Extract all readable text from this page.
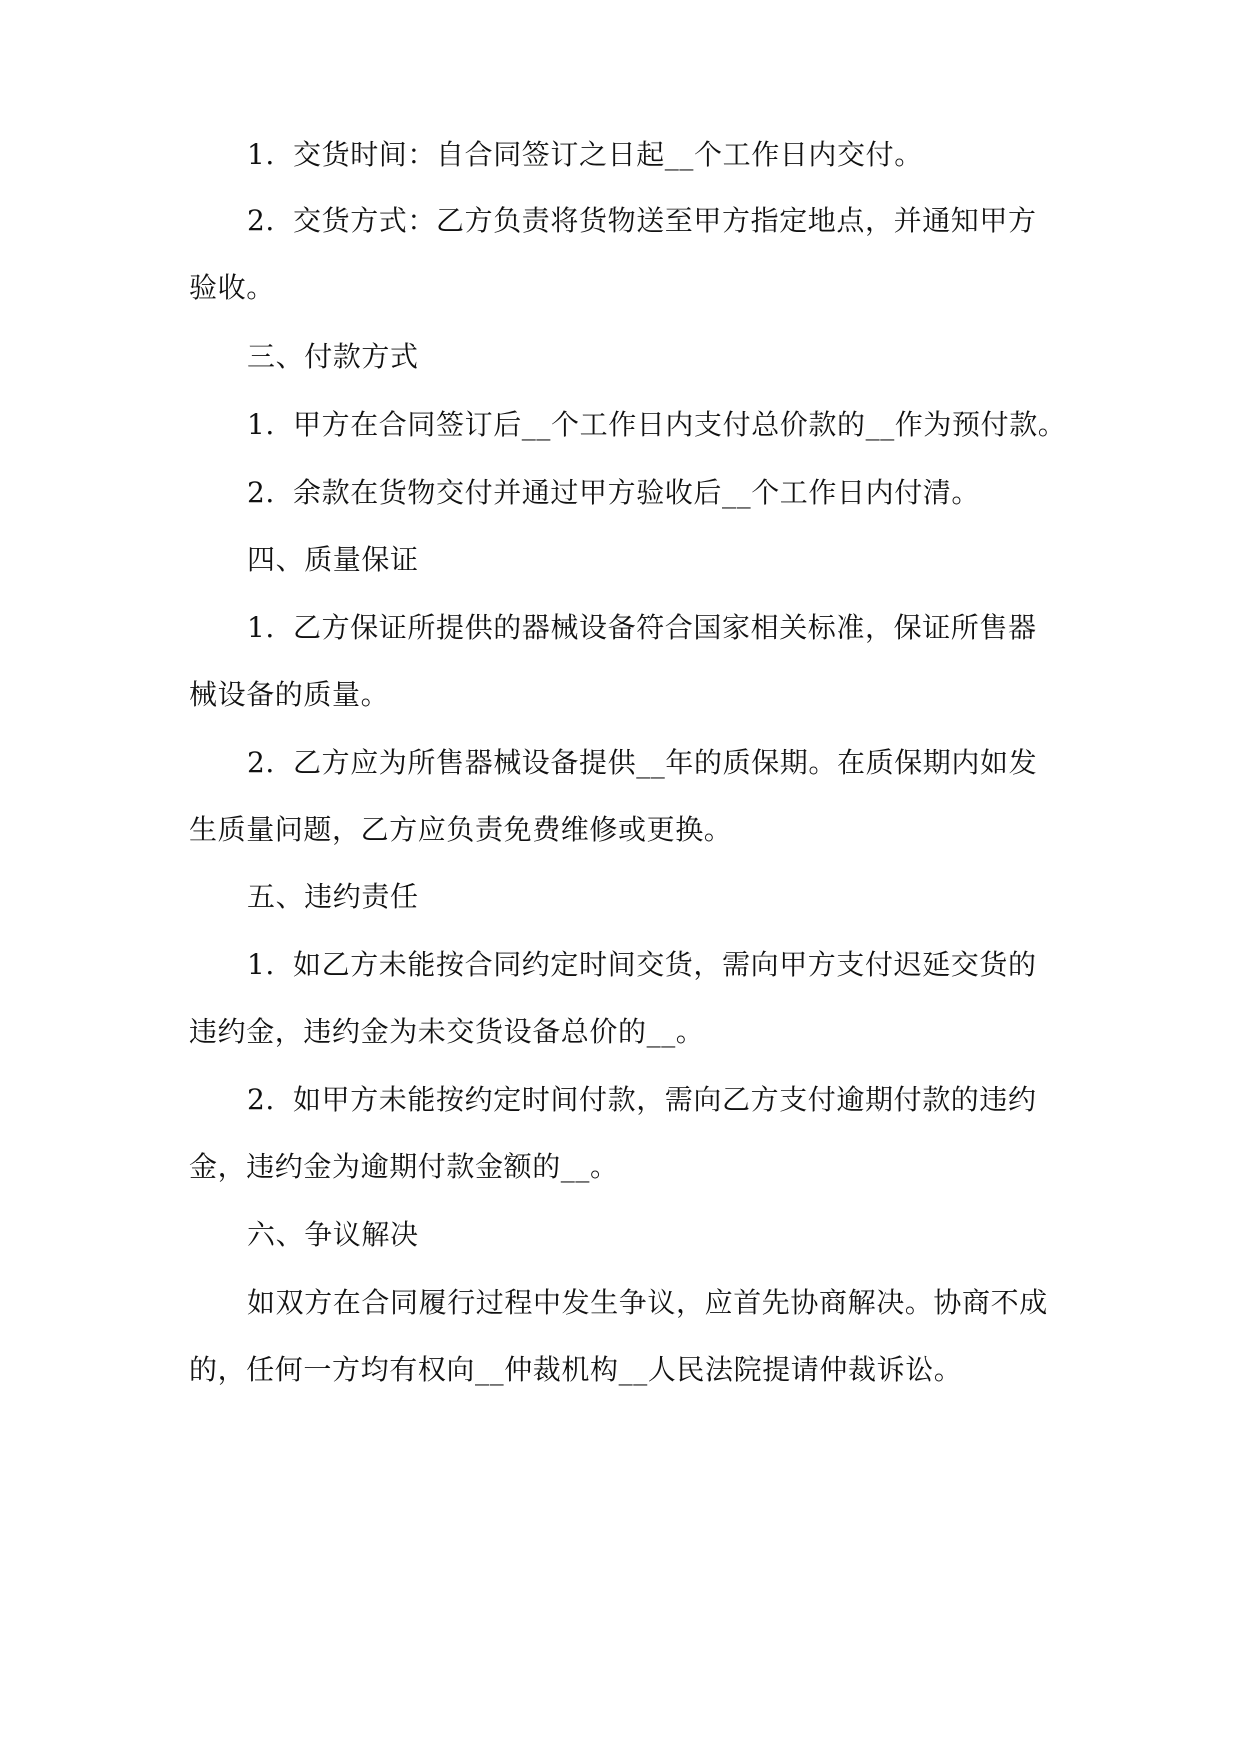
1. 交货时间：自合同签订之日起__个工作日内交付。
2. 交货方式：乙方负责将货物送至甲方指定地点，并通知甲方
验收。
三、付款方式
1. 甲方在合同签订后__个工作日内支付总价款的__作为预付款。
2. 余款在货物交付并通过甲方验收后__个工作日内付清。
四、质量保证
1. 乙方保证所提供的器械设备符合国家相关标准，保证所售器
械设备的质量。
2. 乙方应为所售器械设备提供__年的质保期。在质保期内如发
生质量问题，乙方应负责免费维修或更换。
五、违约责任
1. 如乙方未能按合同约定时间交货，需向甲方支付迟延交货的
违约金，违约金为未交货设备总价的__。
2. 如甲方未能按约定时间付款，需向乙方支付逾期付款的违约
金，违约金为逾期付款金额的__。
六、争议解决
如双方在合同履行过程中发生争议，应首先协商解决。协商不成
的，任何一方均有权向__仲裁机构__人民法院提请仲裁诉讼。
